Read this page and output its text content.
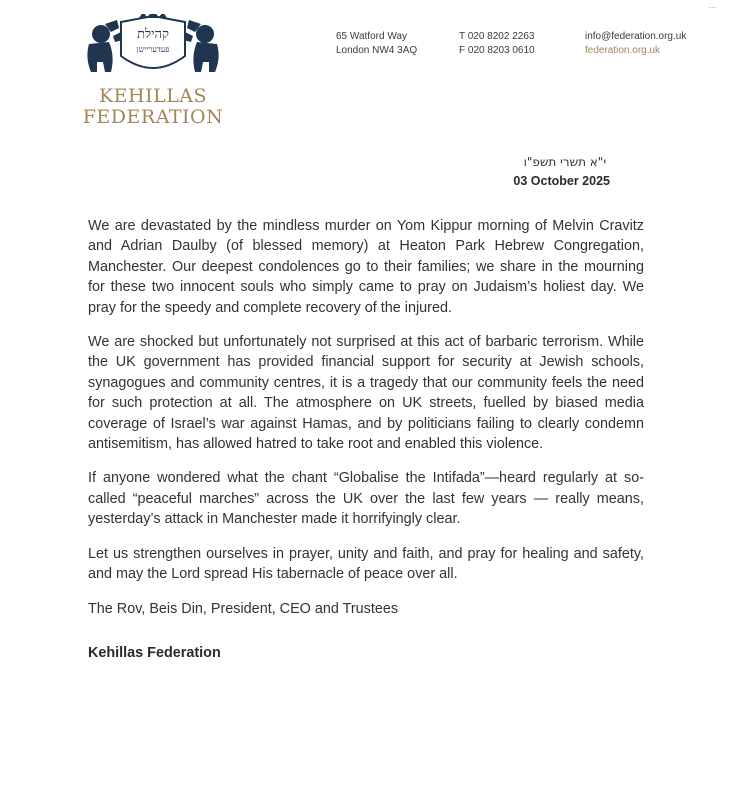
...
קהילת
פעדעריישן
KEHILLAS
FEDERATION
65 Watford Way
London NW4 3AQ
T 020 8202 2263
F 020 8203 0610
info@federation.org.uk
federation.org.uk
י"א תשרי תשפ"ו
03 October 2025

We are devastated by the mindless murder on Yom Kippur morning of Melvin Cravitz and Adrian Daulby (of blessed memory) at Heaton Park Hebrew Congregation, Manchester. Our deepest condolences go to their families; we share in the mourning for these two innocent souls who simply came to pray on Judaism’s holiest day. We pray for the speedy and complete recovery of the injured.

We are shocked but unfortunately not surprised at this act of barbaric terrorism. While the UK government has provided financial support for security at Jewish schools, synagogues and community centres, it is a tragedy that our community feels the need for such protection at all. The atmosphere on UK streets, fuelled by biased media coverage of Israel’s war against Hamas, and by politicians failing to clearly condemn antisemitism, has allowed hatred to take root and enabled this violence.

If anyone wondered what the chant “Globalise the Intifada”—heard regularly at so-called “peaceful marches” across the UK over the last few years — really means, yesterday’s attack in Manchester made it horrifyingly clear.

Let us strengthen ourselves in prayer, unity and faith, and pray for healing and safety, and may the Lord spread His tabernacle of peace over all.

The Rov, Beis Din, President, CEO and Trustees

Kehillas Federation
